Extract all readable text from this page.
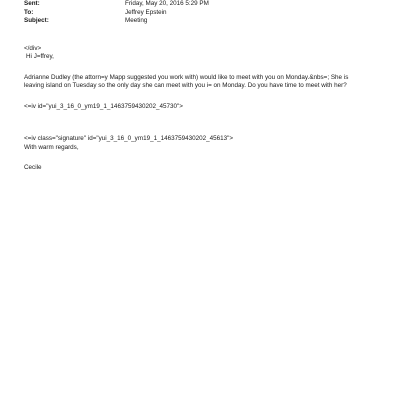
Sent:	Friday, May 20, 2016 5:29 PM
To:	Jeffrey Epstein
Subject:	Meeting
</div>
Hi J=ffrey,
Adrianne Dudley (the attorn=y Mapp suggested you work with) would like to meet with you on Monday.&nbs=; She is
leaving island on Tuesday so the only day she can meet with you i= on Monday. Do you have time to meet with her?
<=iv id="yui_3_16_0_ym19_1_1463759430202_45730">
<=iv class="signature" id="yui_3_16_0_ym19_1_1463759430202_45613">
With warm regards,
Cecile
